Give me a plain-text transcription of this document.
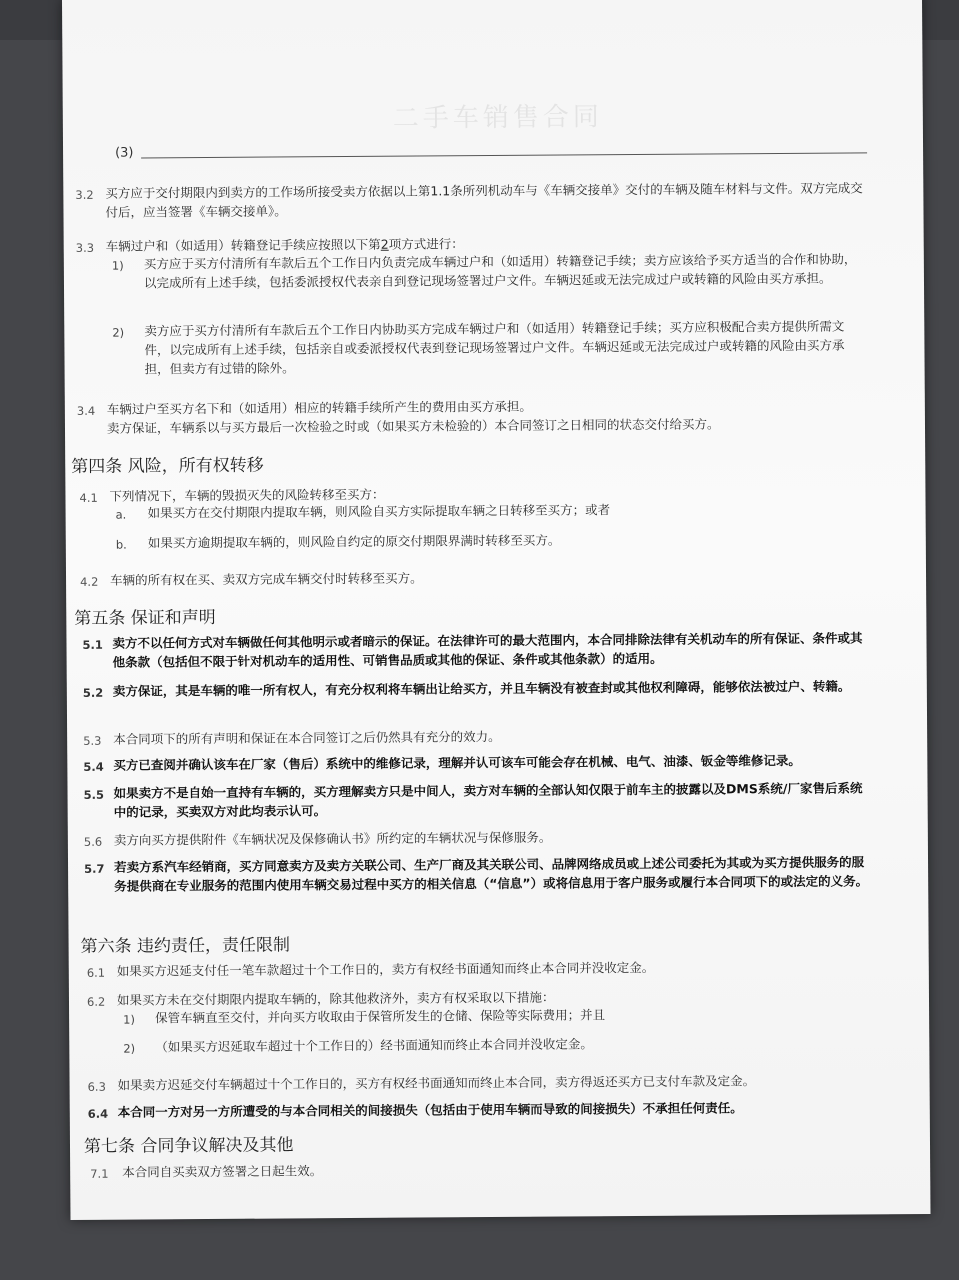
二手车销售合同
(3)
3.2 买方应于交付期限内到卖方的工作场所接受卖方依据以上第1.1条所列机动车与《车辆交接单》交付的车辆及随车材料与文件。双方完成交付后，应当签署《车辆交接单》。
3.3 车辆过户和（如适用）转籍登记手续应按照以下第2项方式进行：
1) 买方应于买方付清所有车款后五个工作日内负责完成车辆过户和（如适用）转籍登记手续；卖方应该给予买方适当的合作和协助，以完成所有上述手续，包括委派授权代表亲自到登记现场签署过户文件。车辆迟延或无法完成过户或转籍的风险由买方承担。
2) 卖方应于买方付清所有车款后五个工作日内协助买方完成车辆过户和（如适用）转籍登记手续；买方应积极配合卖方提供所需文件，以完成所有上述手续，包括亲自或委派授权代表到登记现场签署过户文件。车辆迟延或无法完成过户或转籍的风险由买方承担，但卖方有过错的除外。
3.4 车辆过户至买方名下和（如适用）相应的转籍手续所产生的费用由买方承担。
卖方保证，车辆系以与买方最后一次检验之时或（如果买方未检验的）本合同签订之日相同的状态交付给买方。
第四条 风险，所有权转移
4.1 下列情况下，车辆的毁损灭失的风险转移至买方：
a. 如果买方在交付期限内提取车辆，则风险自买方实际提取车辆之日转移至买方；或者
b. 如果买方逾期提取车辆的，则风险自约定的原交付期限界满时转移至买方。
4.2 车辆的所有权在买、卖双方完成车辆交付时转移至买方。
第五条 保证和声明
5.1 卖方不以任何方式对车辆做任何其他明示或者暗示的保证。在法律许可的最大范围内，本合同排除法律有关机动车的所有保证、条件或其他条款（包括但不限于针对机动车的适用性、可销售品质或其他的保证、条件或其他条款）的适用。
5.2 卖方保证，其是车辆的唯一所有权人，有充分权利将车辆出让给买方，并且车辆没有被查封或其他权利障碍，能够依法被过户、转籍。
5.3 本合同项下的所有声明和保证在本合同签订之后仍然具有充分的效力。
5.4 买方已查阅并确认该车在厂家（售后）系统中的维修记录，理解并认可该车可能会存在机械、电气、油漆、钣金等维修记录。
5.5 如果卖方不是自始一直持有车辆的，买方理解卖方只是中间人，卖方对车辆的全部认知仅限于前车主的披露以及DMS系统/厂家售后系统中的记录，买卖双方对此均表示认可。
5.6 卖方向买方提供附件《车辆状况及保修确认书》所约定的车辆状况与保修服务。
5.7 若卖方系汽车经销商，买方同意卖方及卖方关联公司、生产厂商及其关联公司、品牌网络成员或上述公司委托为其或为买方提供服务的服务提供商在专业服务的范围内使用车辆交易过程中买方的相关信息（“信息”）或将信息用于客户服务或履行本合同项下的或法定的义务。
第六条 违约责任，责任限制
6.1 如果买方迟延支付任一笔车款超过十个工作日的，卖方有权经书面通知而终止本合同并没收定金。
6.2 如果买方未在交付期限内提取车辆的，除其他救济外，卖方有权采取以下措施：
1) 保管车辆直至交付，并向买方收取由于保管所发生的仓储、保险等实际费用；并且
2) （如果买方迟延取车超过十个工作日的）经书面通知而终止本合同并没收定金。
6.3 如果卖方迟延交付车辆超过十个工作日的，买方有权经书面通知而终止本合同，卖方得返还买方已支付车款及定金。
6.4 本合同一方对另一方所遭受的与本合同相关的间接损失（包括由于使用车辆而导致的间接损失）不承担任何责任。
第七条 合同争议解决及其他
7.1 本合同自买卖双方签署之日起生效。
